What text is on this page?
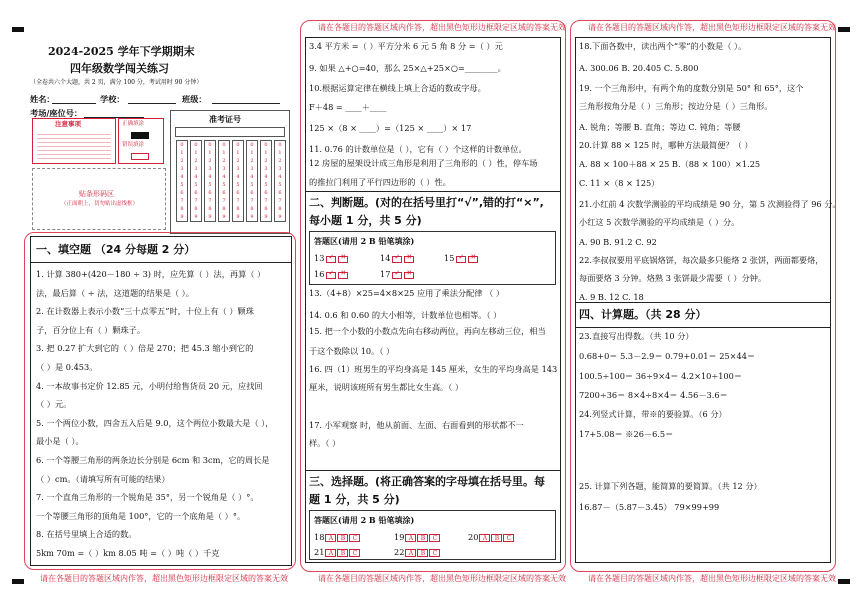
请在各题目的答题区域内作答，超出黑色矩形边框限定区域的答案无效	请在各题目的答题区域内作答，超出黑色矩形边框限定区域的答案无效
请在各题目的答题区域内作答，超出黑色矩形边框限定区域的答案无效	请在各题目的答题区域内作答，超出黑色矩形边框限定区域的答案无效	请在各题目的答题区域内作答，超出黑色矩形边框限定区域的答案无效
2024-2025 学年下学期期末
四年级数学闯关练习
（全卷共六个大题，共 2 页，满分 100 分，考试用时 90 分钟）
姓名：	学校：	班级：
考场/座位号：
注意事项	正确填涂
错误填涂
准考证号
0
1
2
3
4
5
6
7
8
9
0
1
2
3
4
5
6
7
8
9
0
1
2
3
4
5
6
7
8
9
0
1
2
3
4
5
6
7
8
9
0
1
2
3
4
5
6
7
8
9
0
1
2
3
4
5
6
7
8
9
0
1
2
3
4
5
6
7
8
9
0
1
2
3
4
5
6
7
8
9
贴条形码区
（正面朝上，切勿贴出虚线框）
一、填空题 （24 分每题 2 分）
1. 计算 380+(420－180 ÷ 3) 时，应先算（ ）法，再算（ ）
法，最后算（ ÷ 法，这道题的结果是（ ）。
2. 在计数器上表示小数“三十点零五”时，十位上有（ ）颗珠
子，百分位上有（ ）颗珠子。
3. 把 0.27 扩大到它的（ ）倍是 270；把 45.3 缩小到它的
（ ）是 0.453。
4. 一本故事书定价 12.85 元，小明付给售货员 20 元，应找回
（ ）元。
5. 一个两位小数，四舍五入后是 9.0，这个两位小数最大是（ ），
最小是（ ）。
6. 一个等腰三角形的两条边长分别是 6cm 和 3cm，它的周长是
（ ）cm。（请填写所有可能的结果）
7. 一个直角三角形的一个锐角是 35°，另一个锐角是（ ）°。
一个等腰三角形的顶角是 100°，它的一个底角是（ ）°。
8. 在括号里填上合适的数。
5km 70m =（ ）km 8.05 吨 =（ ）吨（ ）千克
3.4 平方米 =（ ）平方分米 6 元 5 角 8 分 =（ ）元
9. 如果 △+○=40，那么 25×△+25×○=________。
10.根据运算定律在横线上填上合适的数或字母。
F＋48 = ____＋____
125 ×（8 × ____）=（125 × ____）× 17
11. 0.76 的计数单位是（ ），它有（ ）个这样的计数单位。
12 房屋的屋架设计成三角形是利用了三角形的（ ）性，停车场
的推拉门利用了平行四边形的（ ）性。
二、判断题。(对的在括号里打“√”,错的打“×”,
每小题 1 分，共 5 分)
答题区(请用 2 B 铅笔填涂)
13 ✓ ✕	14 ✓ ✕	15✓✕
16 ✓ ✕	17✓✕
13.（4+8）×25=4×8×25 应用了乘法分配律 （ ）
14. 0.6 和 0.60 的大小相等，计数单位也相等。（ ）
15. 把一个小数的小数点先向右移动两位，再向左移动三位，相当
于这个数除以 10。（ ）
16. 四（1）班男生的平均身高是 145 厘米，女生的平均身高是 143
厘米，说明该班所有男生都比女生高。（ ）
17. 小军观察 时，他从前面、左面、右面看到的形状都不一
样。（ ）
三、选择题。(将正确答案的字母填在括号里。每
题 1 分，共 5 分)
答题区(请用 2 B 铅笔填涂)
18 A B C	19 A B C	20 A B C
21 A B C	22 A B C
18.下面各数中，读出两个“零”的小数是（ ）。
A. 300.06 B. 20.405 C. 5.800
19. 一个三角形中，有两个角的度数分别是 50° 和 65°，这个
三角形按角分是（ ）三角形；按边分是（ ）三角形。
A. 锐角；等腰 B. 直角；等边 C. 钝角；等腰
20.计算 88 × 125 时，哪种方法最简便？（ ）
A. 88 × 100＋88 × 25 B.（88 × 100）×1.25
C. 11 ×（8 × 125）
21.小红前 4 次数学测验的平均成绩是 90 分，第 5 次测验得了 96 分。
小红这 5 次数学测验的平均成绩是（ ）分。
A. 90 B. 91.2 C. 92
22.李叔叔要用平底锅烙饼，每次最多只能烙 2 张饼，两面都要烙，
每面要烙 3 分钟。烙熟 3 张饼最少需要（ ）分钟。
A. 9 B. 12 C. 18
四、计算题。（共 28 分）
23.直接写出得数。（共 10 分）
0.68+0＝ 5.3－2.9＝ 0.79+0.01＝ 25×44＝
100.5÷100＝ 36÷9×4＝ 4.2×10÷100＝
7200÷36＝ 8×4÷8×4＝ 4.56－3.6＝
24.列竖式计算，带※的要验算。（6 分）
17+5.08＝ ※26－6.5＝
25. 计算下列各题，能简算的要简算。（共 12 分）
16.87－（5.87－3.45） 79×99+99
